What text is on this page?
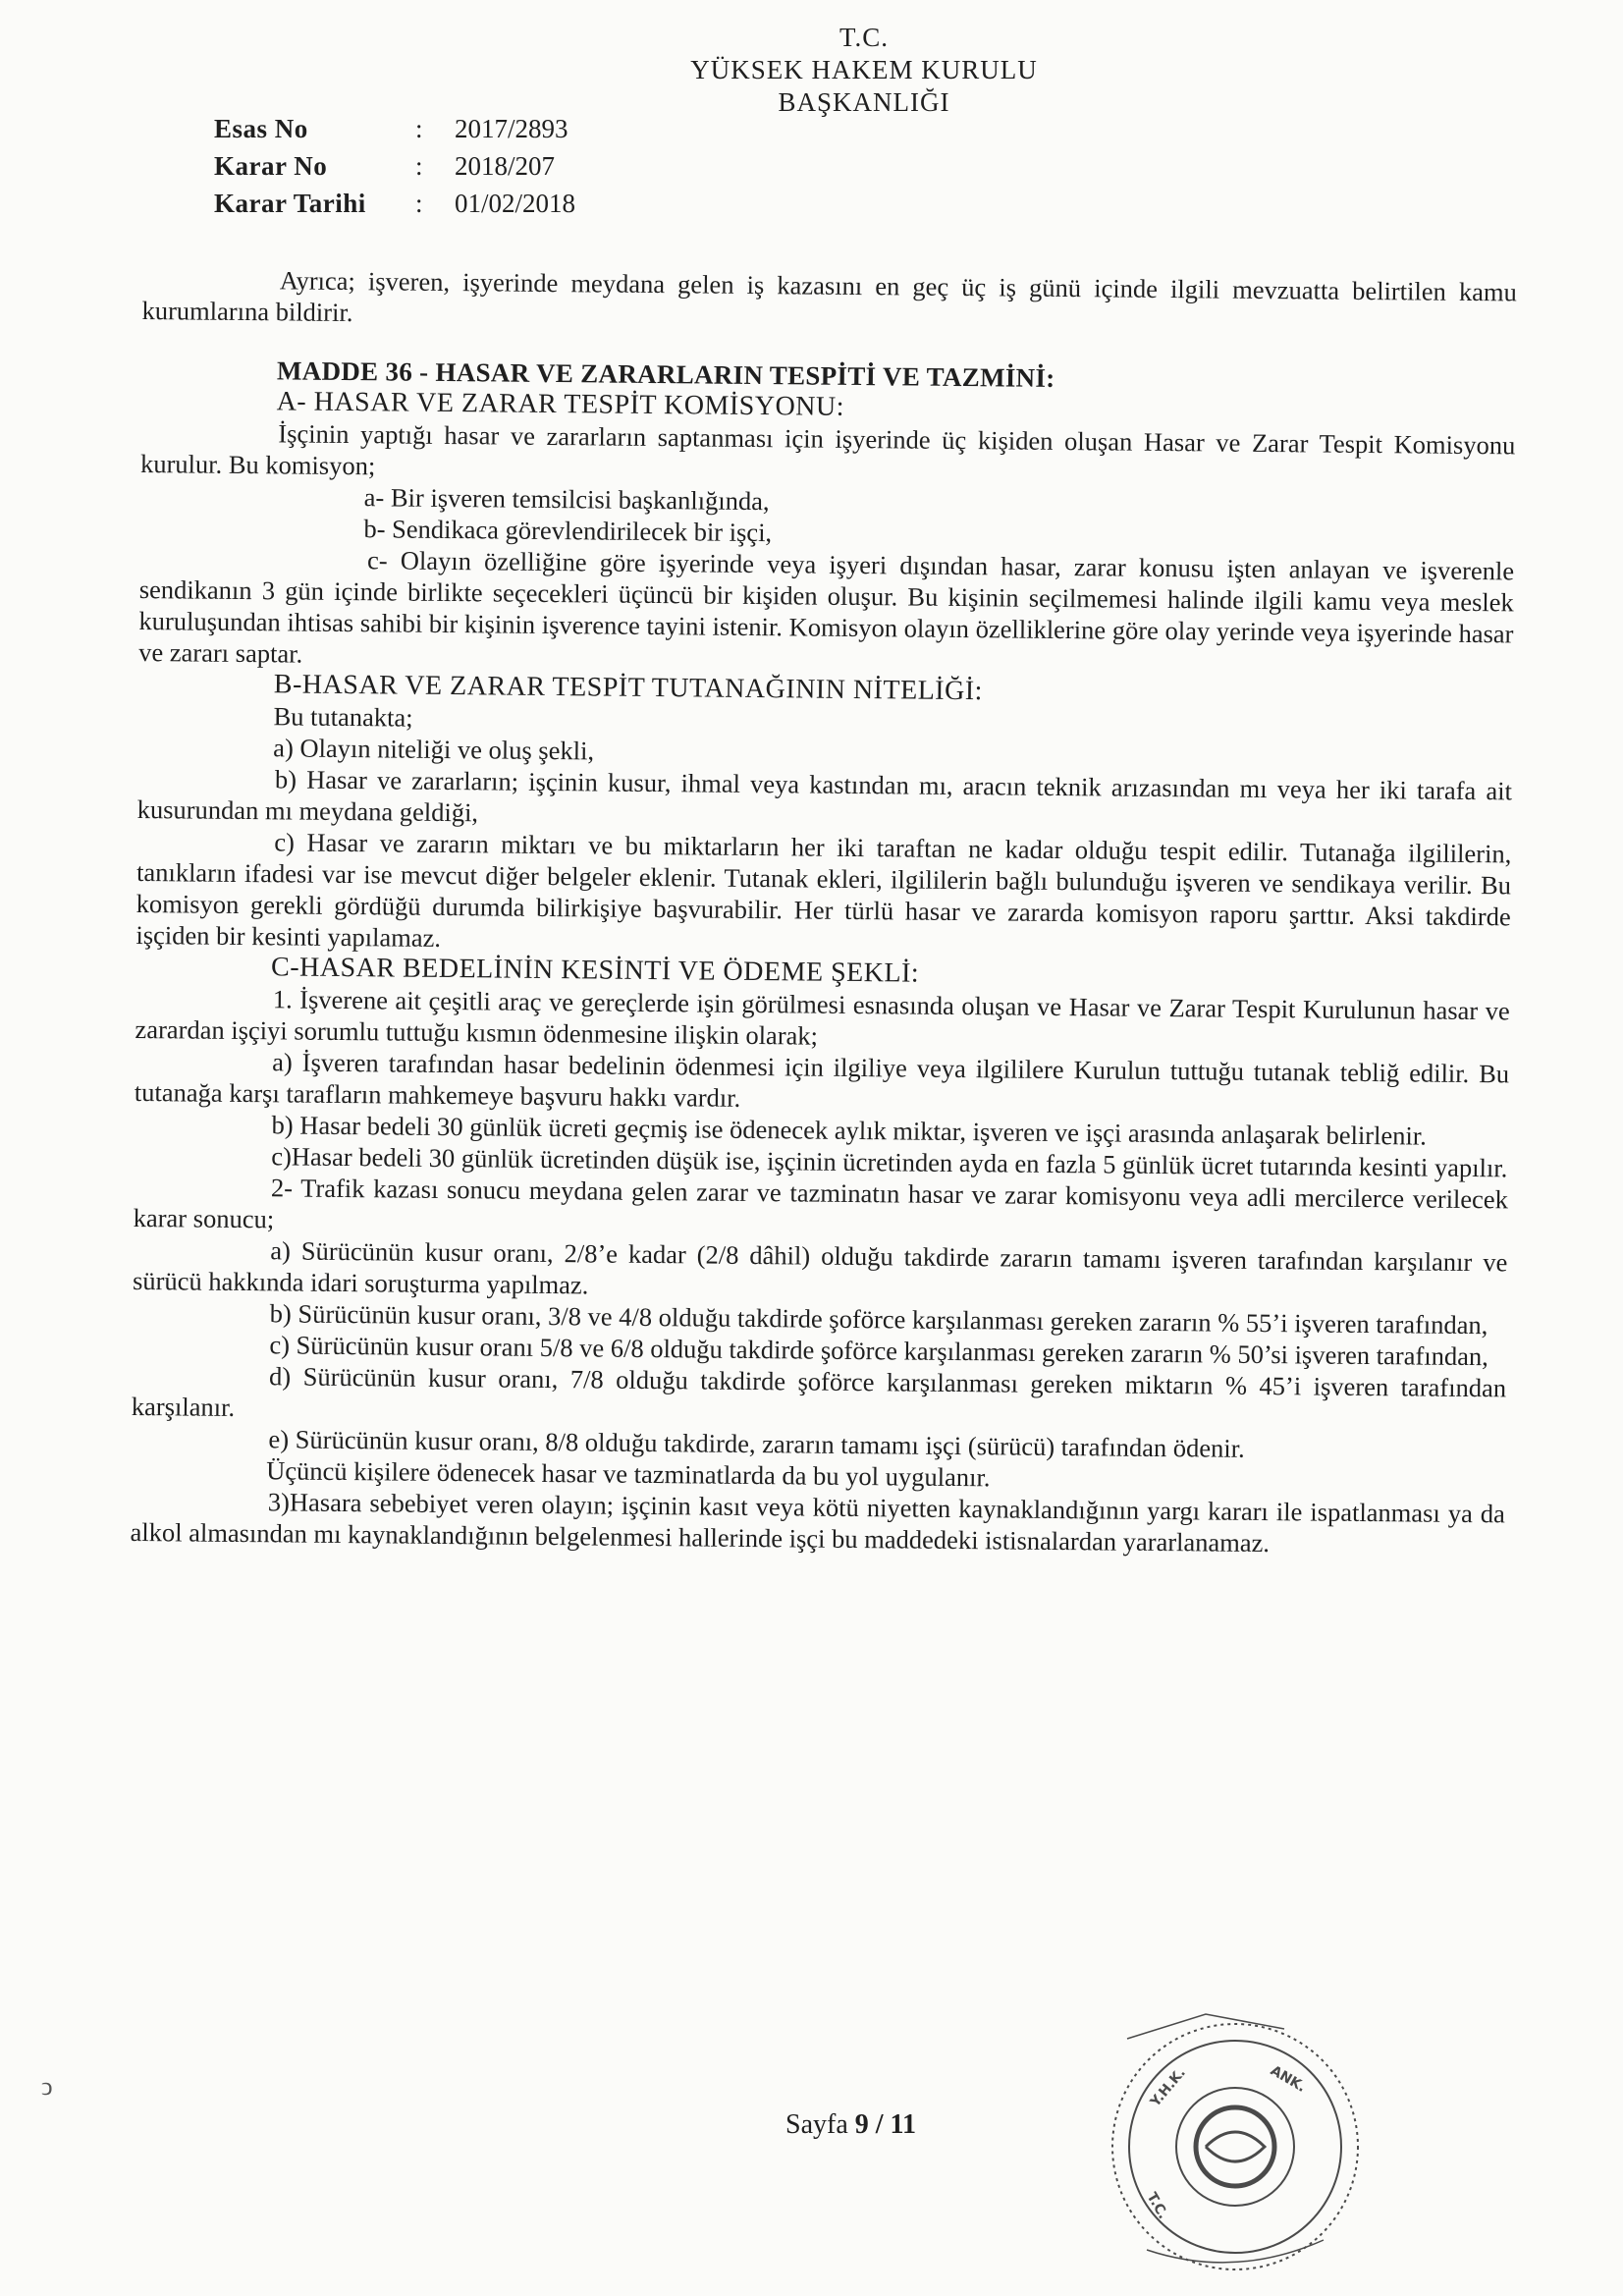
T.C.
YÜKSEK HAKEM KURULU
BAŞKANLIĞI
Esas No	:	2017/2893
Karar No	:	2018/207
Karar Tarihi	:	01/02/2018

Ayrıca; işveren, işyerinde meydana gelen iş kazasını en geç üç iş günü içinde ilgili mevzuatta belirtilen kamu kurumlarına bildirir.

MADDE 36 - HASAR VE ZARARLARIN TESPİTİ VE TAZMİNİ:

A- HASAR VE ZARAR TESPİT KOMİSYONU:

İşçinin yaptığı hasar ve zararların saptanması için işyerinde üç kişiden oluşan Hasar ve Zarar Tespit Komisyonu kurulur. Bu komisyon;

a- Bir işveren temsilcisi başkanlığında,

b- Sendikaca görevlendirilecek bir işçi,

c- Olayın özelliğine göre işyerinde veya işyeri dışından hasar, zarar konusu işten anlayan ve işverenle sendikanın 3 gün içinde birlikte seçecekleri üçüncü bir kişiden oluşur. Bu kişinin seçilmemesi halinde ilgili kamu veya meslek kuruluşundan ihtisas sahibi bir kişinin işverence tayini istenir. Komisyon olayın özelliklerine göre olay yerinde veya işyerinde hasar ve zararı saptar.

B-HASAR VE ZARAR TESPİT TUTANAĞININ NİTELİĞİ:

Bu tutanakta;

a) Olayın niteliği ve oluş şekli,

b) Hasar ve zararların; işçinin kusur, ihmal veya kastından mı, aracın teknik arızasından mı veya her iki tarafa ait kusurundan mı meydana geldiği,

c) Hasar ve zararın miktarı ve bu miktarların her iki taraftan ne kadar olduğu tespit edilir. Tutanağa ilgililerin, tanıkların ifadesi var ise mevcut diğer belgeler eklenir. Tutanak ekleri, ilgililerin bağlı bulunduğu işveren ve sendikaya verilir. Bu komisyon gerekli gördüğü durumda bilirkişiye başvurabilir. Her türlü hasar ve zararda komisyon raporu şarttır. Aksi takdirde işçiden bir kesinti yapılamaz.

C-HASAR BEDELİNİN KESİNTİ VE ÖDEME ŞEKLİ:

1. İşverene ait çeşitli araç ve gereçlerde işin görülmesi esnasında oluşan ve Hasar ve Zarar Tespit Kurulunun hasar ve zarardan işçiyi sorumlu tuttuğu kısmın ödenmesine ilişkin olarak;

a) İşveren tarafından hasar bedelinin ödenmesi için ilgiliye veya ilgililere Kurulun tuttuğu tutanak tebliğ edilir. Bu tutanağa karşı tarafların mahkemeye başvuru hakkı vardır.

b) Hasar bedeli 30 günlük ücreti geçmiş ise ödenecek aylık miktar, işveren ve işçi arasında anlaşarak belirlenir.

c)Hasar bedeli 30 günlük ücretinden düşük ise, işçinin ücretinden ayda en fazla 5 günlük ücret tutarında kesinti yapılır.

2- Trafik kazası sonucu meydana gelen zarar ve tazminatın hasar ve zarar komisyonu veya adli mercilerce verilecek karar sonucu;

a) Sürücünün kusur oranı, 2/8’e kadar (2/8 dâhil) olduğu takdirde zararın tamamı işveren tarafından karşılanır ve sürücü hakkında idari soruşturma yapılmaz.

b) Sürücünün kusur oranı, 3/8 ve 4/8 olduğu takdirde şoförce karşılanması gereken zararın % 55’i işveren tarafından,

c) Sürücünün kusur oranı 5/8 ve 6/8 olduğu takdirde şoförce karşılanması gereken zararın % 50’si işveren tarafından,

d) Sürücünün kusur oranı, 7/8 olduğu takdirde şoförce karşılanması gereken miktarın % 45’i işveren tarafından karşılanır.

e) Sürücünün kusur oranı, 8/8 olduğu takdirde, zararın tamamı işçi (sürücü) tarafından ödenir.

Üçüncü kişilere ödenecek hasar ve tazminatlarda da bu yol uygulanır.

3)Hasara sebebiyet veren olayın; işçinin kasıt veya kötü niyetten kaynaklandığının yargı kararı ile ispatlanması ya da alkol almasından mı kaynaklandığının belgelenmesi hallerinde işçi bu maddedeki istisnalardan yararlanamaz.

Sayfa 9 / 11
Y.H.K.	ANK.
T.C.
ↄ
